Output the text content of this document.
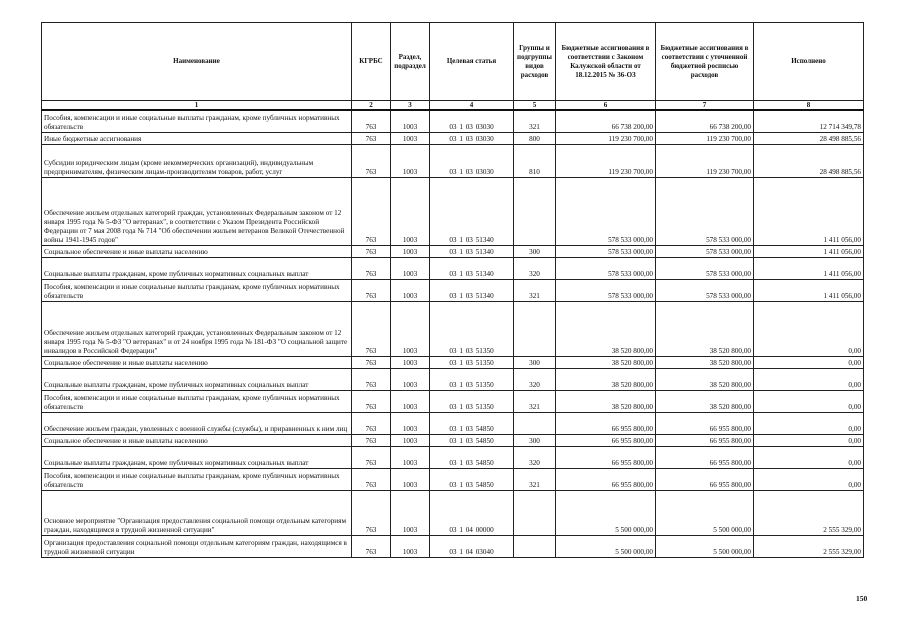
Наименование	КГРБС	Раздел, подраздел	Целевая статья	Группы и подгруппы видов расходов	Бюджетные ассигнования в соответствии с Законом Калужской области от 18.12.2015 № 36-ОЗ	Бюджетные ассигнования в соответствии с уточненной бюджетной росписью расходов	Исполнено
1	2	3	4	5	6	7	8
Пособия, компенсации и иные социальные выплаты гражданам, кроме публичных нормативных обязательств	763	1003	03 1 03 03030	321	66 738 200,00	66 738 200,00	12 714 349,78
Иные бюджетные ассигнования	763	1003	03 1 03 03030	800	119 230 700,00	119 230 700,00	28 498 885,56
Субсидии юридическим лицам (кроме некоммерческих организаций), индивидуальным предпринимателям, физическим лицам-производителям товаров, работ, услуг	763	1003	03 1 03 03030	810	119 230 700,00	119 230 700,00	28 498 885,56
Обеспечение жильем отдельных категорий граждан, установленных Федеральным законом от 12 января 1995 года № 5-ФЗ "О ветеранах", в соответствии с Указом Президента Российской Федерации от 7 мая 2008 года № 714 "Об обеспечении жильем ветеранов Великой Отечественной войны 1941-1945 годов"	763	1003	03 1 03 51340		578 533 000,00	578 533 000,00	1 411 056,00
Социальное обеспечение и иные выплаты населению	763	1003	03 1 03 51340	300	578 533 000,00	578 533 000,00	1 411 056,00
Социальные выплаты гражданам, кроме публичных нормативных социальных выплат	763	1003	03 1 03 51340	320	578 533 000,00	578 533 000,00	1 411 056,00
Пособия, компенсации и иные социальные выплаты гражданам, кроме публичных нормативных обязательств	763	1003	03 1 03 51340	321	578 533 000,00	578 533 000,00	1 411 056,00
Обеспечение жильем отдельных категорий граждан, установленных Федеральным законом от 12 января 1995 года № 5-ФЗ "О ветеранах" и от 24 ноября 1995 года № 181-ФЗ "О социальной защите инвалидов в Российской Федерации"	763	1003	03 1 03 51350		38 520 800,00	38 520 800,00	0,00
Социальное обеспечение и иные выплаты населению	763	1003	03 1 03 51350	300	38 520 800,00	38 520 800,00	0,00
Социальные выплаты гражданам, кроме публичных нормативных социальных выплат	763	1003	03 1 03 51350	320	38 520 800,00	38 520 800,00	0,00
Пособия, компенсации и иные социальные выплаты гражданам, кроме публичных нормативных обязательств	763	1003	03 1 03 51350	321	38 520 800,00	38 520 800,00	0,00
Обеспечение жильем граждан, уволенных с военной службы (службы), и приравненных к ним лиц	763	1003	03 1 03 54850		66 955 800,00	66 955 800,00	0,00
Социальное обеспечение и иные выплаты населению	763	1003	03 1 03 54850	300	66 955 800,00	66 955 800,00	0,00
Социальные выплаты гражданам, кроме публичных нормативных социальных выплат	763	1003	03 1 03 54850	320	66 955 800,00	66 955 800,00	0,00
Пособия, компенсации и иные социальные выплаты гражданам, кроме публичных нормативных обязательств	763	1003	03 1 03 54850	321	66 955 800,00	66 955 800,00	0,00
Основное мероприятие "Организация предоставления социальной помощи отдельным категориям граждан, находящимся в трудной жизненной ситуации"	763	1003	03 1 04 00000		5 500 000,00	5 500 000,00	2 555 329,00
Организация предоставления социальной помощи отдельным категориям граждан, находящимся в трудной жизненной ситуации	763	1003	03 1 04 03040		5 500 000,00	5 500 000,00	2 555 329,00
150
